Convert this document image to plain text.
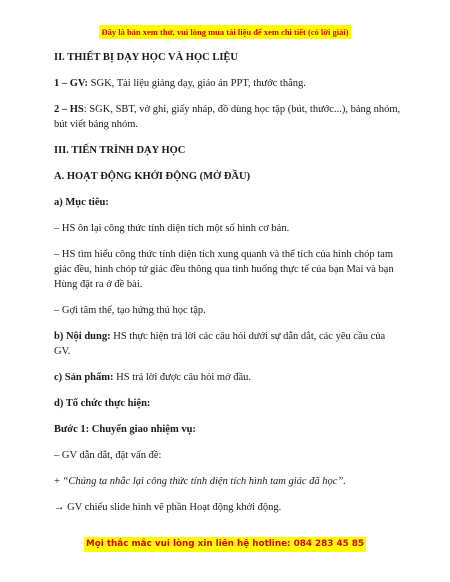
Đây là bản xem thử, vui lòng mua tài liệu để xem chi tiết (có lời giải)

II. THIẾT BỊ DẠY HỌC VÀ HỌC LIỆU

1 – GV: SGK, Tài liệu giảng dạy, giáo án PPT, thước thẳng.

2 – HS: SGK, SBT, vở ghi, giấy nháp, đồ dùng học tập (bút, thước...), bảng nhóm, bút viết bảng nhóm.

III. TIẾN TRÌNH DẠY HỌC

A. HOẠT ĐỘNG KHỞI ĐỘNG (MỞ ĐẦU)

a) Mục tiêu:

– HS ôn lại công thức tính diện tích một số hình cơ bản.

– HS tìm hiểu công thức tính diện tích xung quanh và thể tích của hình chóp tam giác đều, hình chóp tứ giác đều thông qua tình huống thực tế của bạn Mai và bạn Hùng đặt ra ở đề bài.

– Gợi tâm thế, tạo hứng thú học tập.

b) Nội dung: HS thực hiện trả lời các câu hỏi dưới sự dẫn dắt, các yêu cầu của GV.

c) Sản phẩm: HS trả lời được câu hỏi mở đầu.

d) Tổ chức thực hiện:

Bước 1: Chuyển giao nhiệm vụ:

– GV dẫn dắt, đặt vấn đề:

+ “Chúng ta nhắc lại công thức tính diện tích hình tam giác đã học”.

→ GV chiếu slide hình vẽ phần Hoạt động khởi động.

Mọi thắc mắc vui lòng xin liên hệ hotline: 084 283 45 85
